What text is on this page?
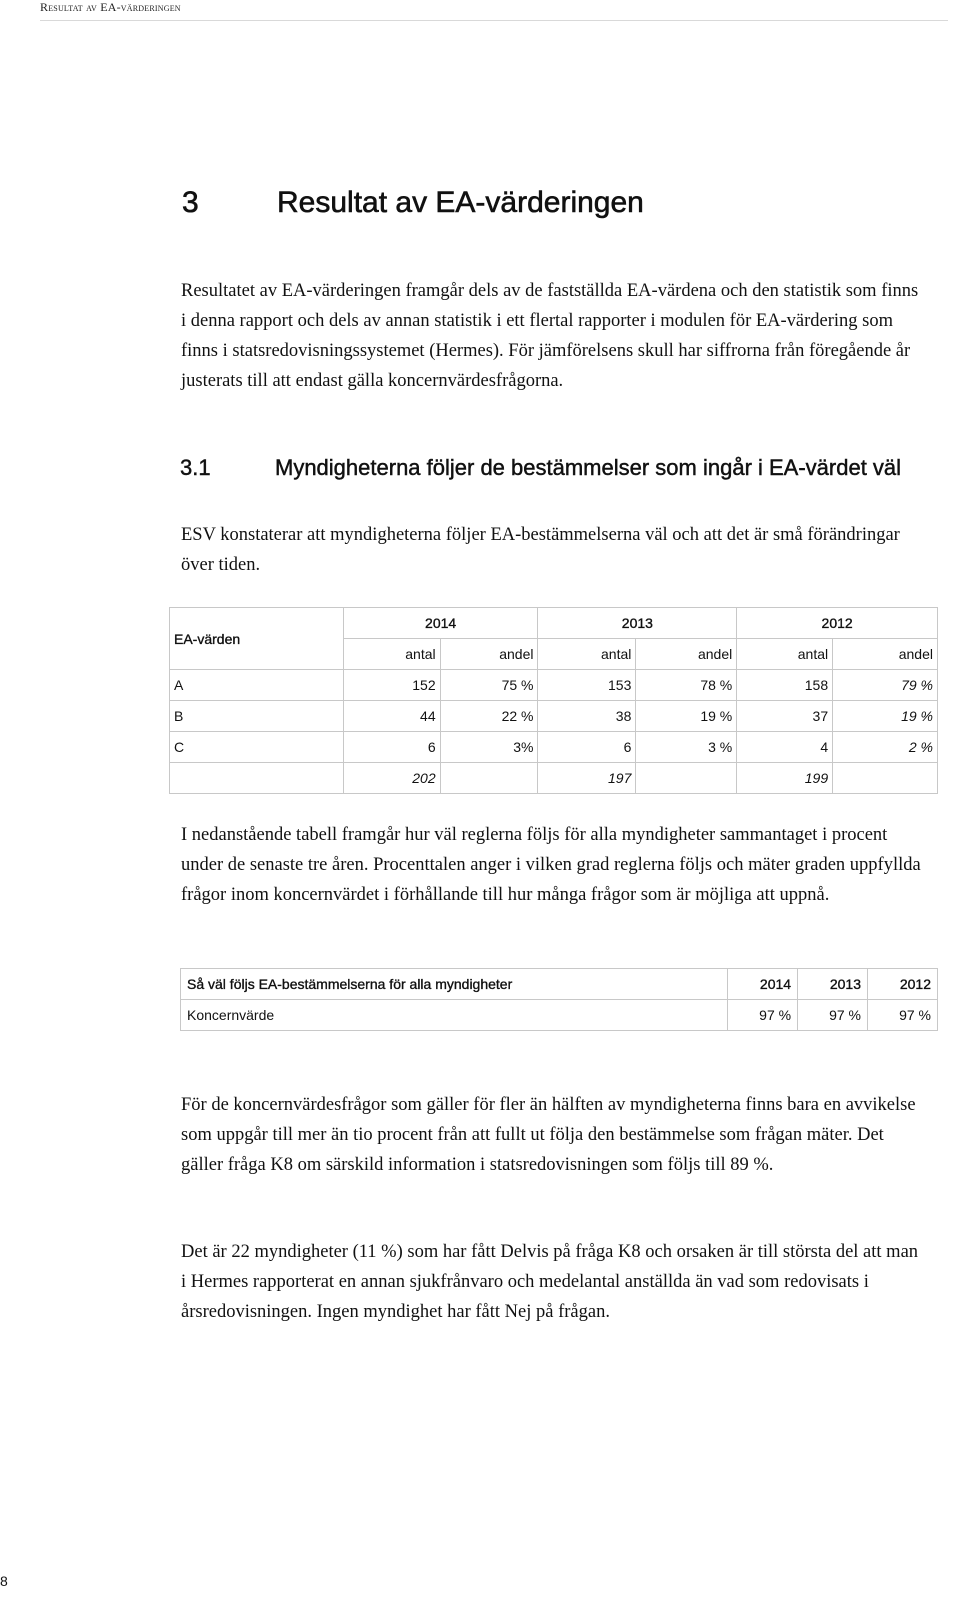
Resultat av EA-värderingen
3	Resultat av EA-värderingen

Resultatet av EA-värderingen framgår dels av de fastställda EA-värdena och den statistik som finns i denna rapport och dels av annan statistik i ett flertal rapporter i modulen för EA-värdering som finns i statsredovisningssystemet (Hermes). För jämförelsens skull har siffrorna från föregående år justerats till att endast gälla koncernvärdesfrågorna.

3.1	Myndigheterna följer de bestämmelser som ingår i EA-värdet väl

ESV konstaterar att myndigheterna följer EA-bestämmelserna väl och att det är små förändringar över tiden.

EA-värden	2014		2013		2012	
	antal	andel	antal	andel	antal	andel
A	152	75 %	153	78 %	158	79 %
B	44	22 %	38	19 %	37	19 %
C	6	3%	6	3 %	4	2 %
	202		197		199	

I nedanstående tabell framgår hur väl reglerna följs för alla myndigheter sammantaget i procent under de senaste tre åren. Procenttalen anger i vilken grad reglerna följs och mäter graden uppfyllda frågor inom koncernvärdet i förhållande till hur många frågor som är möjliga att uppnå.

Så väl följs EA-bestämmelserna för alla myndigheter	2014	2013	2012
Koncernvärde	97 %	97 %	97 %

För de koncernvärdesfrågor som gäller för fler än hälften av myndigheterna finns bara en avvikelse som uppgår till mer än tio procent från att fullt ut följa den bestämmelse som frågan mäter. Det gäller fråga K8 om särskild information i statsredovisningen som följs till 89 %.

Det är 22 myndigheter (11 %) som har fått Delvis på fråga K8 och orsaken är till största del att man i Hermes rapporterat en annan sjukfrånvaro och medelantal anställda än vad som redovisats i årsredovisningen. Ingen myndighet har fått Nej på frågan.

8
